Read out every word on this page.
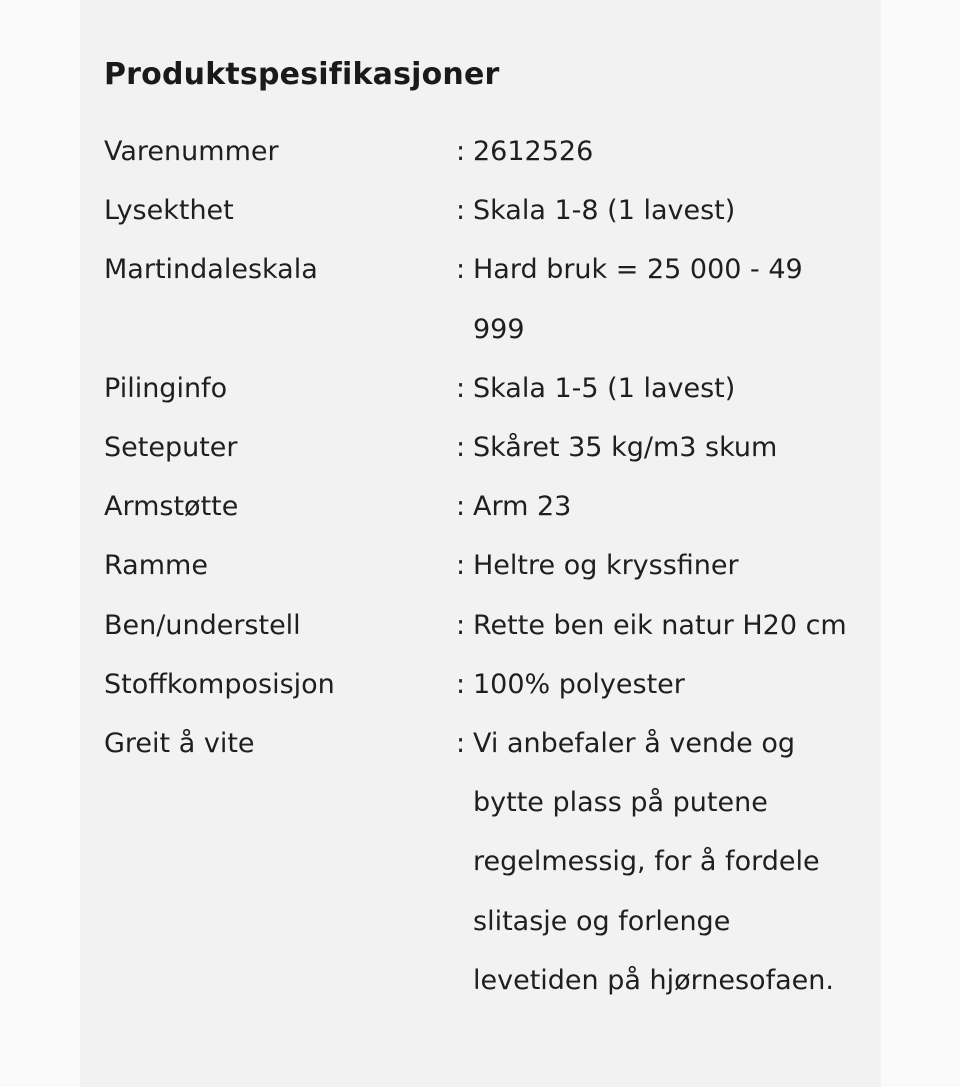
Produktspesifikasjoner
Varenummer	: 2612526
Lysekthet	: Skala 1-8 (1 lavest)
Martindaleskala	: Hard bruk = 25 000 - 49 999
Pilinginfo	: Skala 1-5 (1 lavest)
Seteputer	: Skåret 35 kg/m3 skum
Armstøtte	: Arm 23
Ramme	: Heltre og kryssfiner
Ben/understell	: Rette ben eik natur H20 cm
Stoffkomposisjon	: 100% polyester
Greit å vite	: Vi anbefaler å vende og bytte plass på putene regelmessig, for å fordele slitasje og forlenge levetiden på hjørnesofaen.
